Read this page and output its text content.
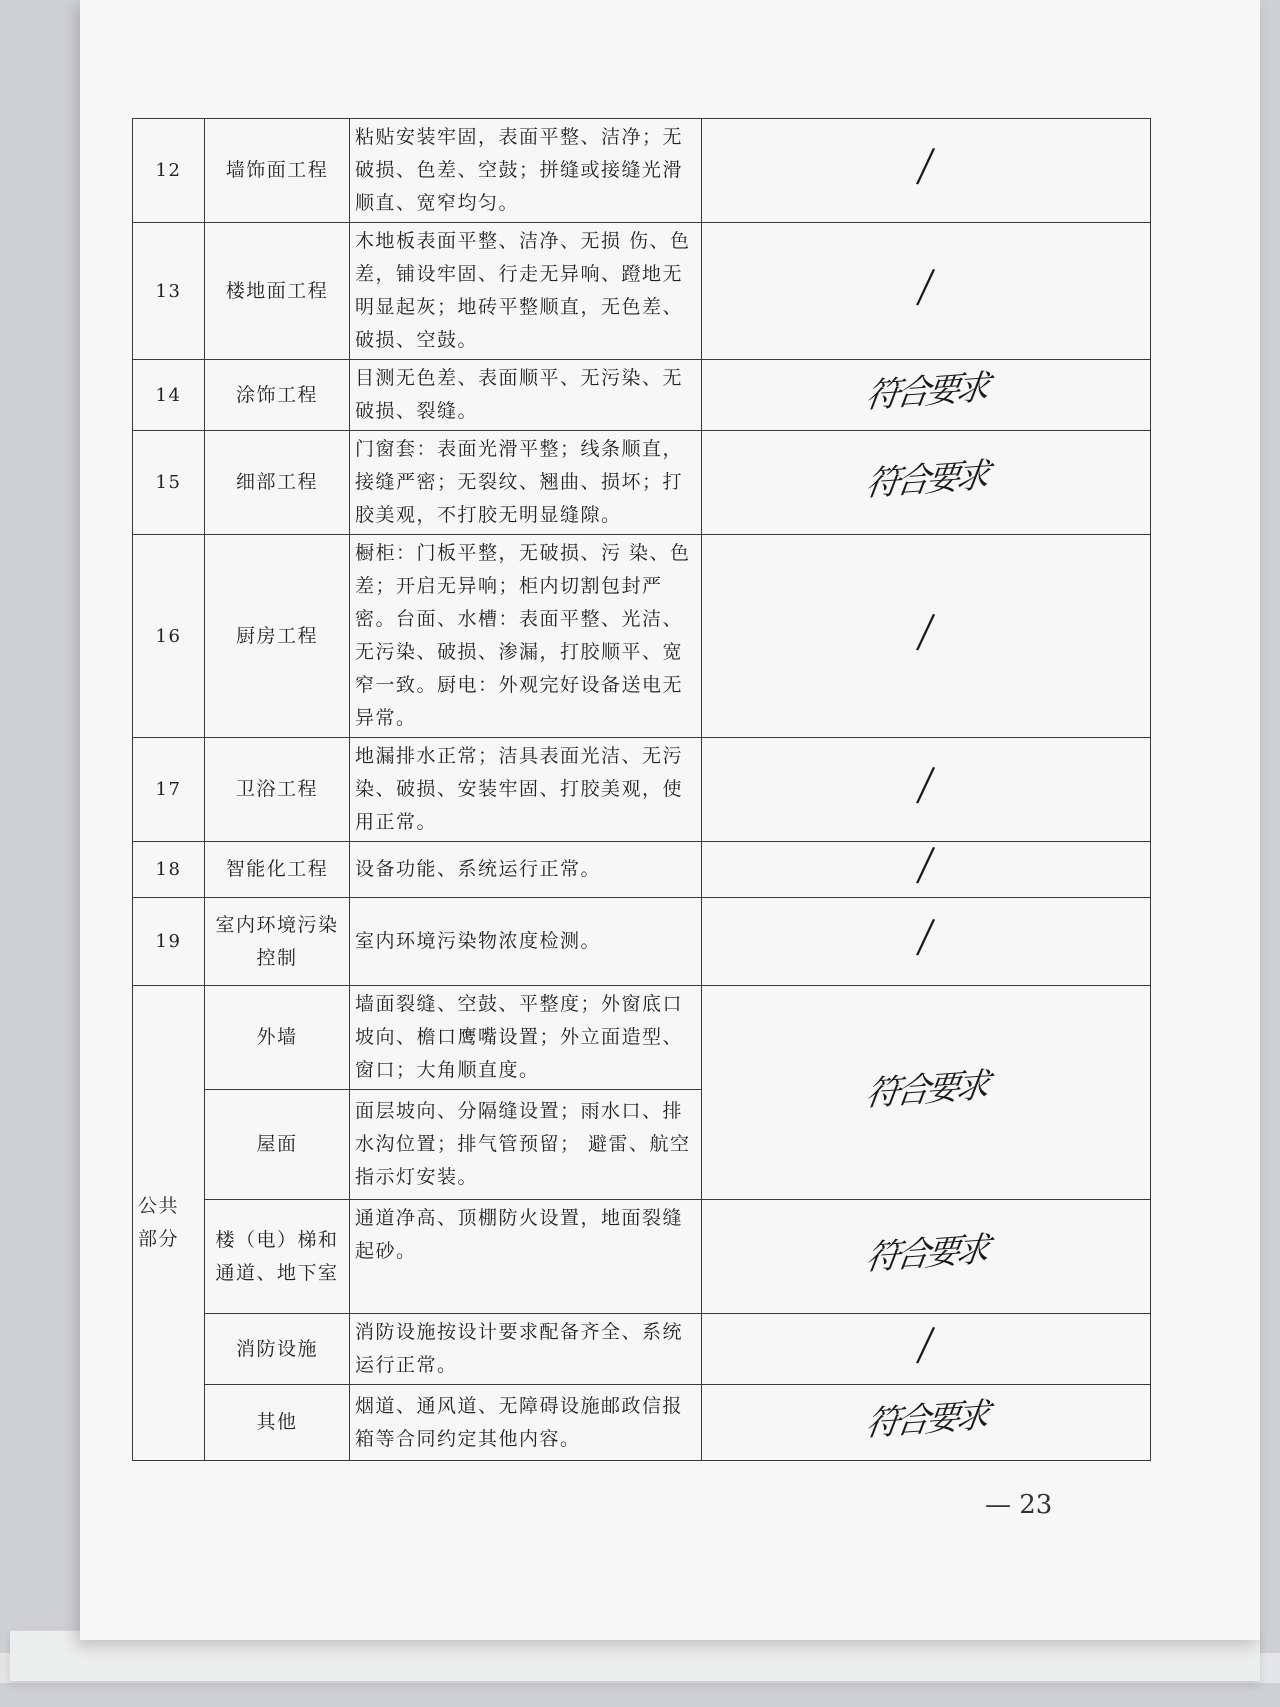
12	墙饰面工程	粘贴安装牢固，表面平整、洁净；无破损、色差、空鼓；拼缝或接缝光滑顺直、宽窄均匀。	/
13	楼地面工程	木地板表面平整、洁净、无损 伤、色差，铺设牢固、行走无异响、蹬地无明显起灰；地砖平整顺直，无色差、破损、空鼓。	/
14	涂饰工程	目测无色差、表面顺平、无污染、无破损、裂缝。	符合要求
15	细部工程	门窗套：表面光滑平整；线条顺直，接缝严密；无裂纹、翘曲、损坏；打胶美观，不打胶无明显缝隙。	符合要求
16	厨房工程	橱柜：门板平整，无破损、污 染、色差；开启无异响；柜内切割包封严密。台面、水槽：表面平整、光洁、无污染、破损、渗漏，打胶顺平、宽窄一致。厨电：外观完好设备送电无异常。	/
17	卫浴工程	地漏排水正常；洁具表面光洁、无污染、破损、安装牢固、打胶美观，使用正常。	/
18	智能化工程	设备功能、系统运行正常。	/
19	室内环境污染控制	室内环境污染物浓度检测。	/
公共部分	外墙	墙面裂缝、空鼓、平整度；外窗底口坡向、檐口鹰嘴设置；外立面造型、窗口；大角顺直度。	符合要求
	屋面	面层坡向、分隔缝设置；雨水口、排水沟位置；排气管预留； 避雷、航空指示灯安装。	
	楼（电）梯和通道、地下室	通道净高、顶棚防火设置，地面裂缝起砂。	符合要求
	消防设施	消防设施按设计要求配备齐全、系统运行正常。	/
	其他	烟道、通风道、无障碍设施邮政信报箱等合同约定其他内容。	符合要求
— 23
